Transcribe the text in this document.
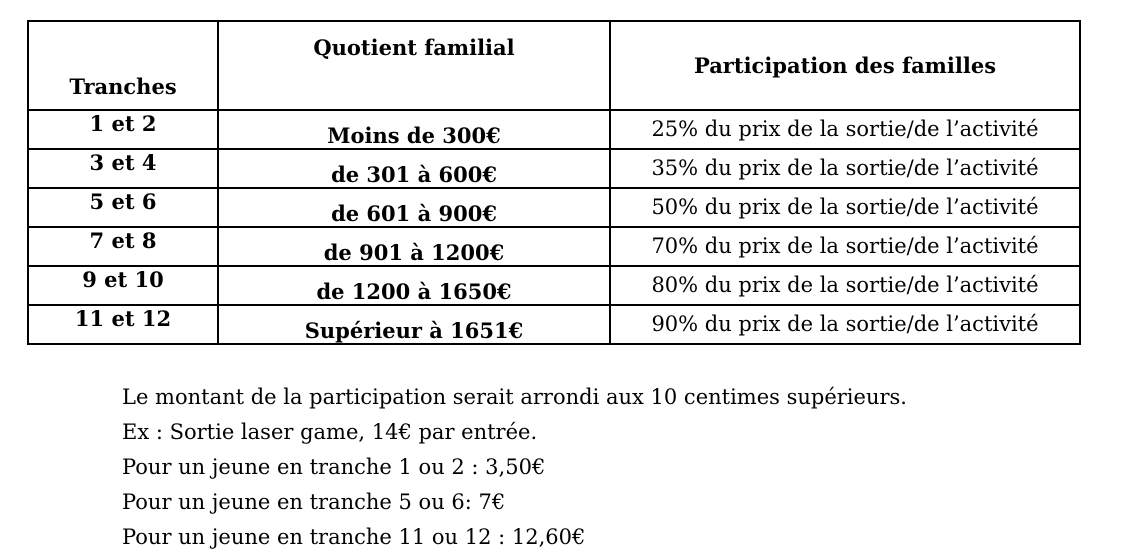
Tranches	Quotient familial	Participation des familles
1 et 2	Moins de 300€	25% du prix de la sortie/de l’activité
3 et 4	de 301 à 600€	35% du prix de la sortie/de l’activité
5 et 6	de 601 à 900€	50% du prix de la sortie/de l’activité
7 et 8	de 901 à 1200€	70% du prix de la sortie/de l’activité
9 et 10	de 1200 à 1650€	80% du prix de la sortie/de l’activité
11 et 12	Supérieur à 1651€	90% du prix de la sortie/de l’activité

Le montant de la participation serait arrondi aux 10 centimes supérieurs.

Ex : Sortie laser game, 14€ par entrée.

Pour un jeune en tranche 1 ou 2 : 3,50€

Pour un jeune en tranche 5 ou 6: 7€

Pour un jeune en tranche 11 ou 12 : 12,60€
